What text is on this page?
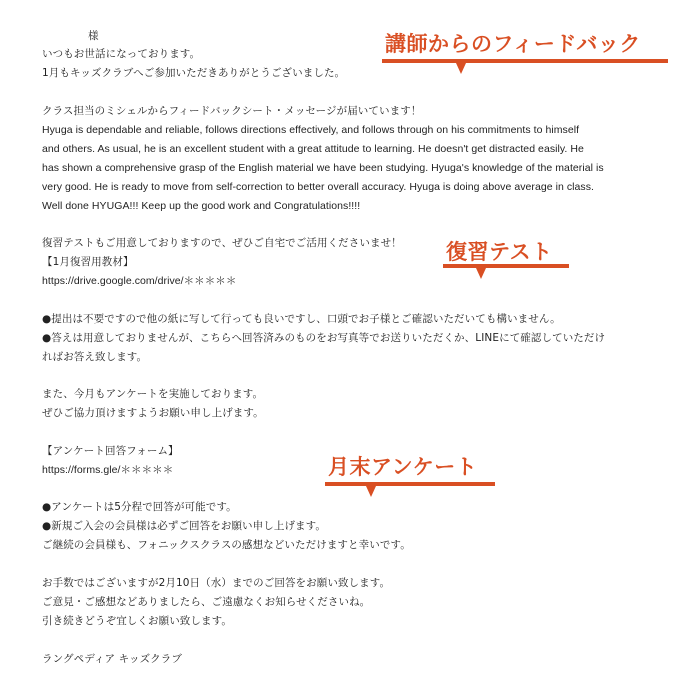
様
いつもお世話になっております。
1月もキッズクラブへご参加いただきありがとうございました。
クラス担当のミシェルからフィードバックシート・メッセージが届いています！
Hyuga is dependable and reliable, follows directions effectively, and follows through on his commitments to himself
and others. As usual, he is an excellent student with a great attitude to learning. He doesn't get distracted easily. He
has shown a comprehensive grasp of the English material we have been studying. Hyuga's knowledge of the material is
very good. He is ready to move from self-correction to better overall accuracy. Hyuga is doing above average in class.
Well done HYUGA!!! Keep up the good work and Congratulations!!!!
復習テストもご用意しておりますので、ぜひご自宅でご活用くださいませ！
【1月復習用教材】
https://drive.google.com/drive/＊＊＊＊＊
●提出は不要ですので他の紙に写して行っても良いですし、口頭でお子様とご確認いただいても構いません。
●答えは用意しておりませんが、こちらへ回答済みのものをお写真等でお送りいただくか、LINEにて確認していただけ
ればお答え致します。
また、今月もアンケートを実施しております。
ぜひご協力頂けますようお願い申し上げます。
【アンケート回答フォーム】
https://forms.gle/＊＊＊＊＊
●アンケートは5分程で回答が可能です。
●新規ご入会の会員様は必ずご回答をお願い申し上げます。
ご継続の会員様も、フォニックスクラスの感想などいただけますと幸いです。
お手数ではございますが2月10日（水）までのご回答をお願い致します。
ご意見・ご感想などありましたら、ご遠慮なくお知らせくださいね。
引き続きどうぞ宜しくお願い致します。
ラングペディア キッズクラブ
講師からのフィードバック
復習テスト
月末アンケート
